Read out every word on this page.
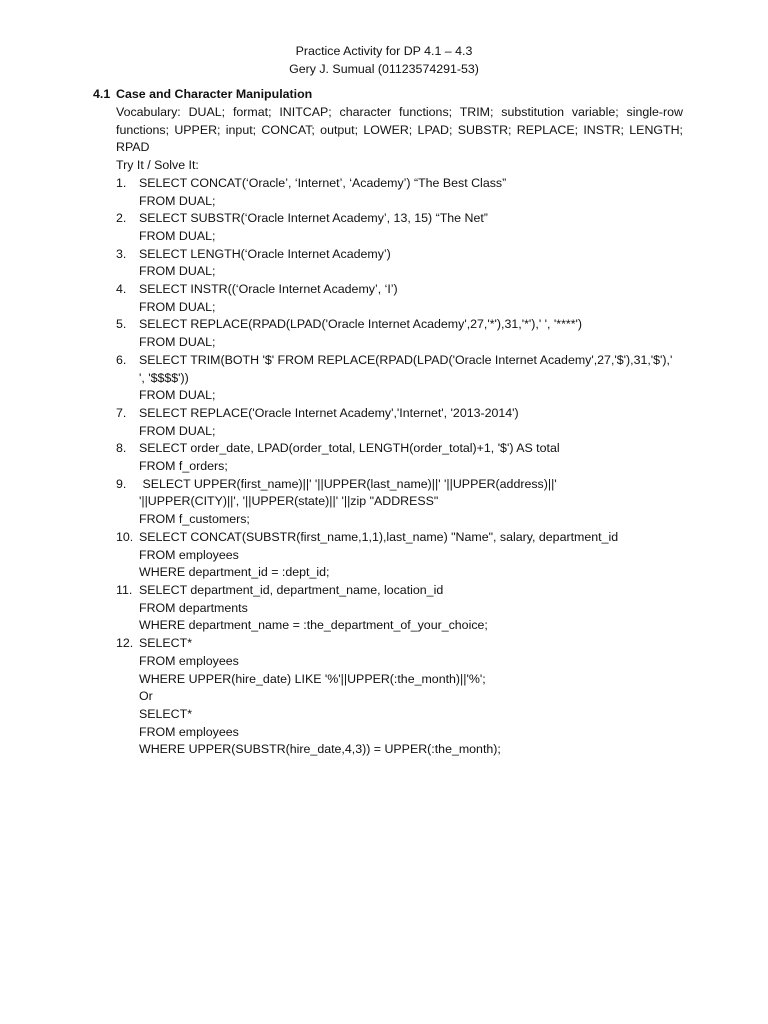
Practice Activity for DP 4.1 – 4.3
Gery J. Sumual (01123574291-53)
4.1 Case and Character Manipulation
Vocabulary: DUAL; format; INITCAP; character functions; TRIM; substitution variable; single-row functions; UPPER; input; CONCAT; output; LOWER; LPAD; SUBSTR; REPLACE; INSTR; LENGTH; RPAD
Try It / Solve It:
1. SELECT CONCAT(‘Oracle’, ‘Internet’, ‘Academy’) “The Best Class”
FROM DUAL;
2. SELECT SUBSTR(‘Oracle Internet Academy’, 13, 15) “The Net”
FROM DUAL;
3. SELECT LENGTH(‘Oracle Internet Academy’)
FROM DUAL;
4. SELECT INSTR((‘Oracle Internet Academy’, ‘I’)
FROM DUAL;
5. SELECT REPLACE(RPAD(LPAD('Oracle Internet Academy',27,'*'),31,'*'),' ', '****')
FROM DUAL;
6. SELECT TRIM(BOTH '$' FROM REPLACE(RPAD(LPAD('Oracle Internet Academy',27,'$'),31,'$'),'
', '$$$$'))
FROM DUAL;
7. SELECT REPLACE('Oracle Internet Academy','Internet', '2013-2014')
FROM DUAL;
8. SELECT order_date, LPAD(order_total, LENGTH(order_total)+1, '$') AS total
FROM f_orders;
9. SELECT UPPER(first_name)||' '||UPPER(last_name)||' '||UPPER(address)||'
'||UPPER(CITY)||', '||UPPER(state)||' '||zip "ADDRESS"
FROM f_customers;
10. SELECT CONCAT(SUBSTR(first_name,1,1),last_name) "Name", salary, department_id
FROM employees
WHERE department_id = :dept_id;
11. SELECT department_id, department_name, location_id
FROM departments
WHERE department_name = :the_department_of_your_choice;
12. SELECT*
FROM employees
WHERE UPPER(hire_date) LIKE '%'||UPPER(:the_month)||'%';
Or
SELECT*
FROM employees
WHERE UPPER(SUBSTR(hire_date,4,3)) = UPPER(:the_month);
